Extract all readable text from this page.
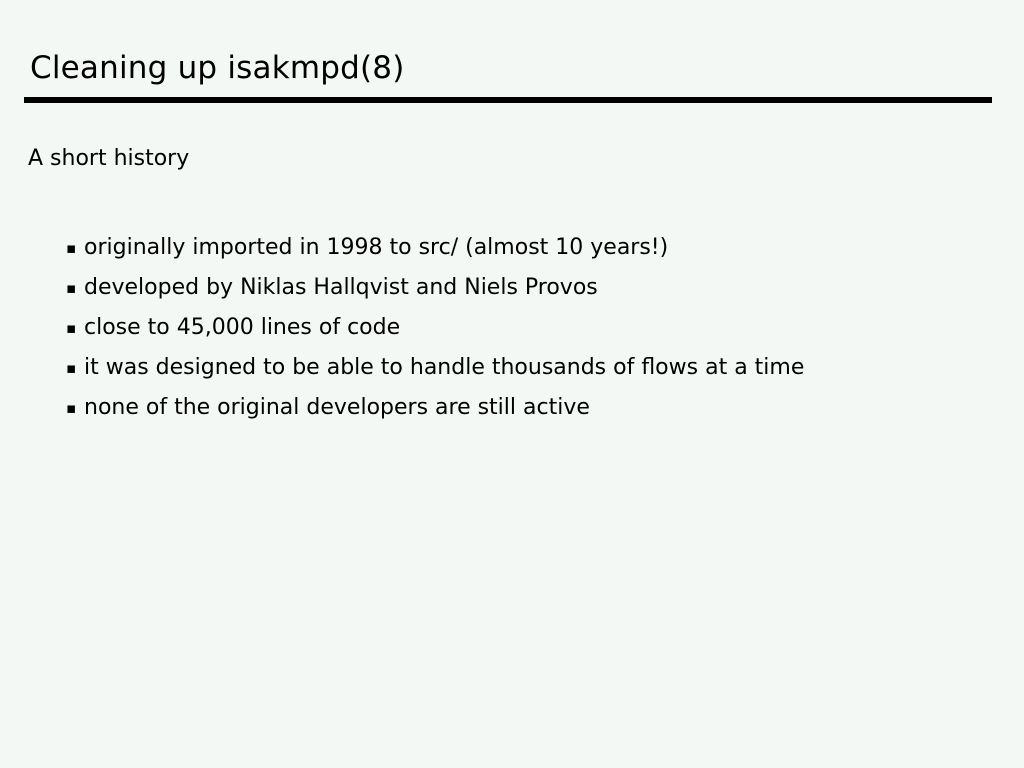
Cleaning up isakmpd(8)
A short history
▪ originally imported in 1998 to src/ (almost 10 years!)
▪ developed by Niklas Hallqvist and Niels Provos
▪ close to 45,000 lines of code
▪ it was designed to be able to handle thousands of flows at a time
▪ none of the original developers are still active
